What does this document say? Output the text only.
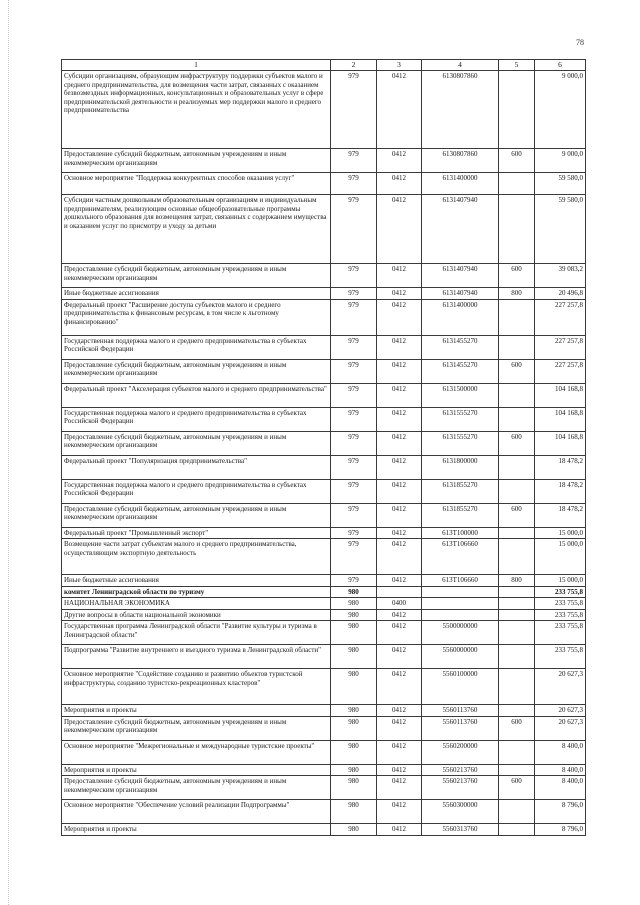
78
1	2	3	4	5	6
Субсидии организациям, образующим инфраструктуру поддержки субъектов малого и среднего предпринимательства, для возмещения части затрат, связанных с оказанием безвозмездных информационных, консультационных и образовательных услуг в сфере предпринимательской деятельности и реализуемых мер поддержки малого и среднего предпринимательства	979	0412	6130807860		9 000,0
Предоставление субсидий бюджетным, автономным учреждениям и иным некоммерческим организациям	979	0412	6130807860	600	9 000,0
Основное мероприятие "Поддержка конкурентных способов оказания услуг"	979	0412	6131400000		59 580,0
Субсидии частным дошкольным образовательным организациям и индивидуальным предпринимателям, реализующим основные общеобразовательные программы дошкольного образования для возмещения затрат, связанных с содержанием имущества и оказанием услуг по присмотру и уходу за детьми	979	0412	6131407940		59 580,0
Предоставление субсидий бюджетным, автономным учреждениям и иным некоммерческим организациям	979	0412	6131407940	600	39 083,2
Иные бюджетные ассигнования	979	0412	6131407940	800	20 496,8
Федеральный проект "Расширение доступа субъектов малого и среднего предпринимательства к финансовым ресурсам, в том числе к льготному финансированию"	979	0412	6131400000		227 257,8
Государственная поддержка малого и среднего предпринимательства в субъектах Российской Федерации	979	0412	6131455270		227 257,8
Предоставление субсидий бюджетным, автономным учреждениям и иным некоммерческим организациям	979	0412	6131455270	600	227 257,8
Федеральный проект "Акселерация субъектов малого и среднего предпринимательства"	979	0412	6131500000		104 168,8
Государственная поддержка малого и среднего предпринимательства в субъектах Российской Федерации	979	0412	6131555270		104 168,8
Предоставление субсидий бюджетным, автономным учреждениям и иным некоммерческим организациям	979	0412	6131555270	600	104 168,8
Федеральный проект "Популяризация предпринимательства"	979	0412	6131800000		18 478,2
Государственная поддержка малого и среднего предпринимательства в субъектах Российской Федерации	979	0412	6131855270		18 478,2
Предоставление субсидий бюджетным, автономным учреждениям и иным некоммерческим организациям	979	0412	6131855270	600	18 478,2
Федеральный проект "Промышленный экспорт"	979	0412	613Т100000		15 000,0
Возмещение части затрат субъектам малого и среднего предпринимательства, осуществляющим экспортную деятельность	979	0412	613Т106660		15 000,0
Иные бюджетные ассигнования	979	0412	613Т106660	800	15 000,0
комитет Ленинградской области по туризму	980				233 755,8
НАЦИОНАЛЬНАЯ ЭКОНОМИКА	980	0400			233 755,8
Другие вопросы в области национальной экономики	980	0412			233 755,8
Государственная программа Ленинградской области "Развитие культуры и туризма в Ленинградской области"	980	0412	5500000000		233 755,8
Подпрограмма "Развитие внутреннего и въездного туризма в Ленинградской области"	980	0412	5560000000		233 755,8
Основное мероприятие "Содействие созданию и развитию объектов туристской инфраструктуры, созданию туристско-рекреационных кластеров"	980	0412	5560100000		20 627,3
Мероприятия и проекты	980	0412	5560113760		20 627,3
Предоставление субсидий бюджетным, автономным учреждениям и иным некоммерческим организациям	980	0412	5560113760	600	20 627,3
Основное мероприятие "Межрегиональные и международные туристские проекты"	980	0412	5560200000		8 400,0
Мероприятия и проекты	980	0412	5560213760		8 400,0
Предоставление субсидий бюджетным, автономным учреждениям и иным некоммерческим организациям	980	0412	5560213760	600	8 400,0
Основное мероприятие "Обеспечение условий реализации Подпрограммы"	980	0412	5560300000		8 796,0
Мероприятия и проекты	980	0412	5560313760		8 796,0
